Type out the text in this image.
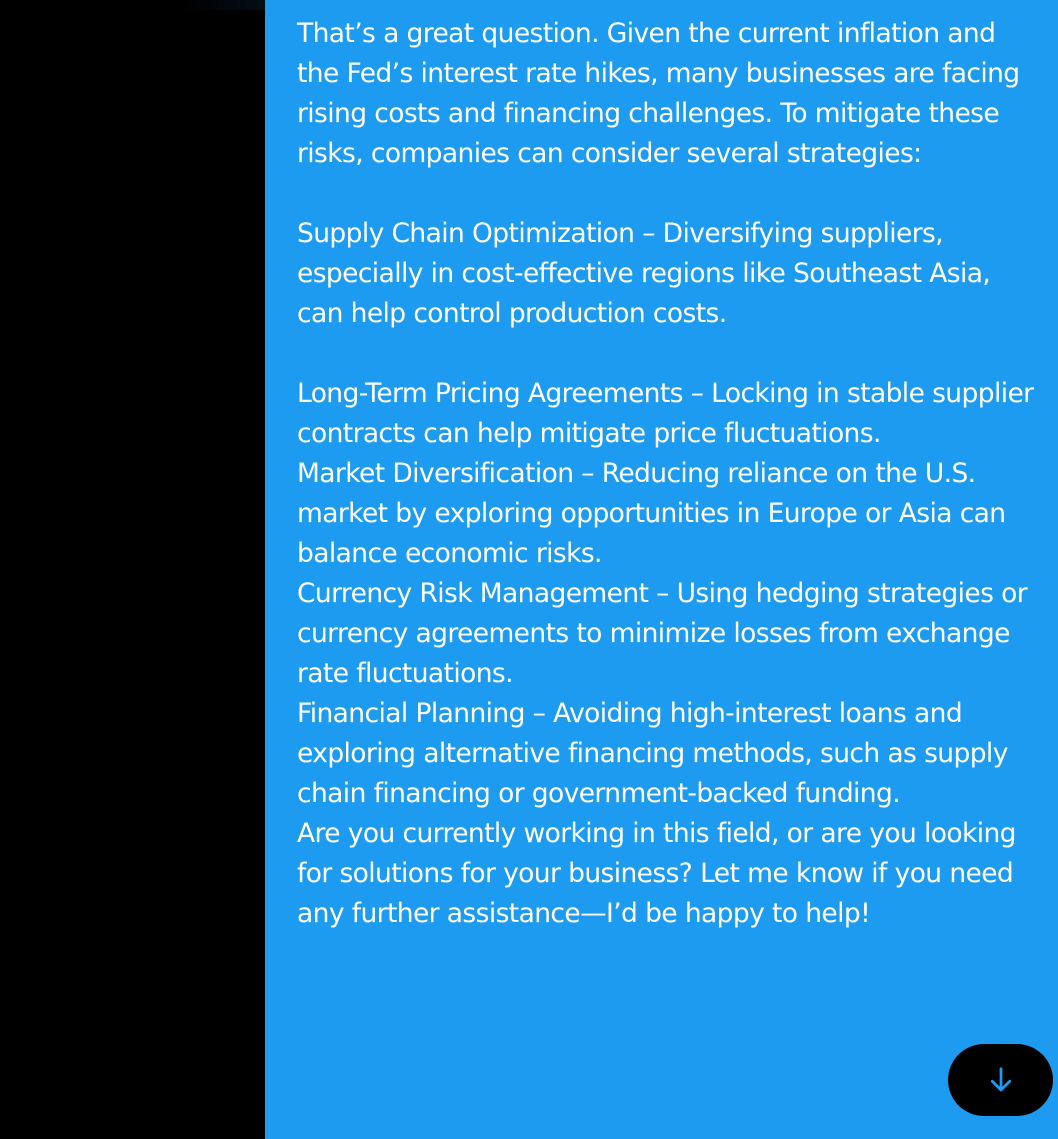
That’s a great question. Given the current inflation and the Fed’s interest rate hikes, many businesses are facing rising costs and financing challenges. To mitigate these risks, companies can consider several strategies:

Supply Chain Optimization – Diversifying suppliers, especially in cost-effective regions like Southeast Asia, can help control production costs.

Long-Term Pricing Agreements – Locking in stable supplier contracts can help mitigate price fluctuations.

Market Diversification – Reducing reliance on the U.S. market by exploring opportunities in Europe or Asia can balance economic risks.

Currency Risk Management – Using hedging strategies or currency agreements to minimize losses from exchange rate fluctuations.

Financial Planning – Avoiding high-interest loans and exploring alternative financing methods, such as supply chain financing or government-backed funding.

Are you currently working in this field, or are you looking for solutions for your business? Let me know if you need any further assistance—I’d be happy to help!
